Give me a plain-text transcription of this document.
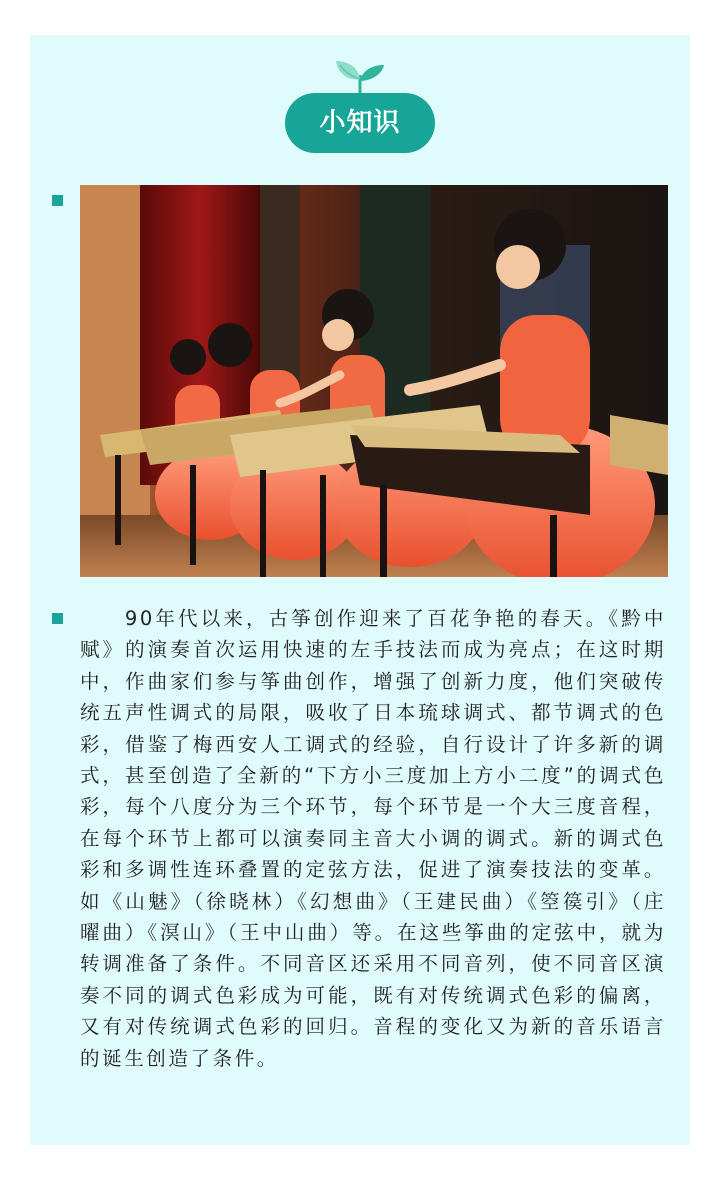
小知识

90年代以来，古筝创作迎来了百花争艳的春天。《黔中赋》的演奏首次运用快速的左手技法而成为亮点；在这时期中，作曲家们参与筝曲创作，增强了创新力度，他们突破传统五声性调式的局限，吸收了日本琉球调式、都节调式的色彩，借鉴了梅西安人工调式的经验，自行设计了许多新的调式，甚至创造了全新的“下方小三度加上方小二度”的调式色彩，每个八度分为三个环节，每个环节是一个大三度音程，在每个环节上都可以演奏同主音大小调的调式。新的调式色彩和多调性连环叠置的定弦方法，促进了演奏技法的变革。如《山魅》（徐晓林）《幻想曲》（王建民曲）《箜篌引》（庄曜曲）《溟山》（王中山曲）等。在这些筝曲的定弦中，就为转调准备了条件。不同音区还采用不同音列，使不同音区演奏不同的调式色彩成为可能，既有对传统调式色彩的偏离，又有对传统调式色彩的回归。音程的变化又为新的音乐语言的诞生创造了条件。
